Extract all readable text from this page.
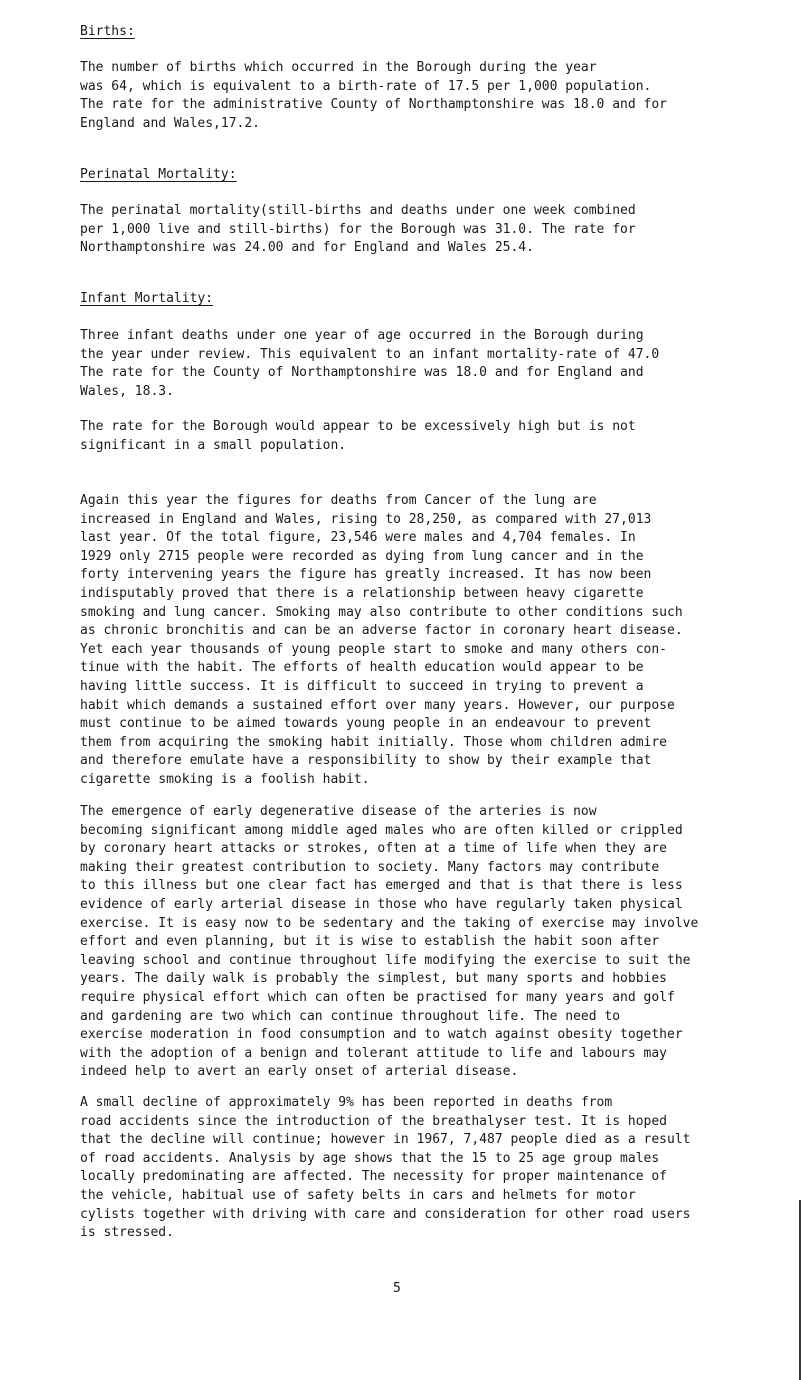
Births:
The number of births which occurred in the Borough during the year
was 64, which is equivalent to a birth-rate of 17.5 per 1,000 population.
The rate for the administrative County of Northamptonshire was 18.0 and for
England and Wales,17.2.
Perinatal Mortality:
The perinatal mortality(still-births and deaths under one week combined
per 1,000 live and still-births) for the Borough was 31.0. The rate for
Northamptonshire was 24.00 and for England and Wales 25.4.
Infant Mortality:
Three infant deaths under one year of age occurred in the Borough during
the year under review. This equivalent to an infant mortality-rate of 47.0
The rate for the County of Northamptonshire was 18.0 and for England and
Wales, 18.3.
The rate for the Borough would appear to be excessively high but is not
significant in a small population.
Again this year the figures for deaths from Cancer of the lung are
increased in England and Wales, rising to 28,250, as compared with 27,013
last year. Of the total figure, 23,546 were males and 4,704 females. In
1929 only 2715 people were recorded as dying from lung cancer and in the
forty intervening years the figure has greatly increased. It has now been
indisputably proved that there is a relationship between heavy cigarette
smoking and lung cancer. Smoking may also contribute to other conditions such
as chronic bronchitis and can be an adverse factor in coronary heart disease.
Yet each year thousands of young people start to smoke and many others con-
tinue with the habit. The efforts of health education would appear to be
having little success. It is difficult to succeed in trying to prevent a
habit which demands a sustained effort over many years. However, our purpose
must continue to be aimed towards young people in an endeavour to prevent
them from acquiring the smoking habit initially. Those whom children admire
and therefore emulate have a responsibility to show by their example that
cigarette smoking is a foolish habit.
The emergence of early degenerative disease of the arteries is now
becoming significant among middle aged males who are often killed or crippled
by coronary heart attacks or strokes, often at a time of life when they are
making their greatest contribution to society. Many factors may contribute
to this illness but one clear fact has emerged and that is that there is less
evidence of early arterial disease in those who have regularly taken physical
exercise. It is easy now to be sedentary and the taking of exercise may involve
effort and even planning, but it is wise to establish the habit soon after
leaving school and continue throughout life modifying the exercise to suit the
years. The daily walk is probably the simplest, but many sports and hobbies
require physical effort which can often be practised for many years and golf
and gardening are two which can continue throughout life. The need to
exercise moderation in food consumption and to watch against obesity together
with the adoption of a benign and tolerant attitude to life and labours may
indeed help to avert an early onset of arterial disease.
A small decline of approximately 9% has been reported in deaths from
road accidents since the introduction of the breathalyser test. It is hoped
that the decline will continue; however in 1967, 7,487 people died as a result
of road accidents. Analysis by age shows that the 15 to 25 age group males
locally predominating are affected. The necessity for proper maintenance of
the vehicle, habitual use of safety belts in cars and helmets for motor
cylists together with driving with care and consideration for other road users
is stressed.
5
